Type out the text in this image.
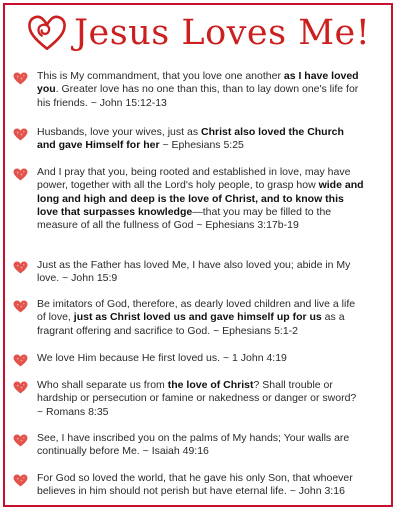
Jesus Loves Me!
This is My commandment, that you love one another as I have loved you. Greater love has no one than this, than to lay down one's life for his friends. ~ John 15:12-13
Husbands, love your wives, just as Christ also loved the Church and gave Himself for her ~ Ephesians 5:25
And I pray that you, being rooted and established in love, may have power, together with all the Lord's holy people, to grasp how wide and long and high and deep is the love of Christ, and to know this love that surpasses knowledge—that you may be filled to the measure of all the fullness of God ~ Ephesians 3:17b-19
Just as the Father has loved Me, I have also loved you; abide in My love. ~ John 15:9
Be imitators of God, therefore, as dearly loved children and live a life of love, just as Christ loved us and gave himself up for us as a fragrant offering and sacrifice to God. ~ Ephesians 5:1-2
We love Him because He first loved us. ~ 1 John 4:19
Who shall separate us from the love of Christ? Shall trouble or hardship or persecution or famine or nakedness or danger or sword? ~ Romans 8:35
See, I have inscribed you on the palms of My hands; Your walls are continually before Me. ~ Isaiah 49:16
For God so loved the world, that he gave his only Son, that whoever believes in him should not perish but have eternal life. ~ John 3:16
